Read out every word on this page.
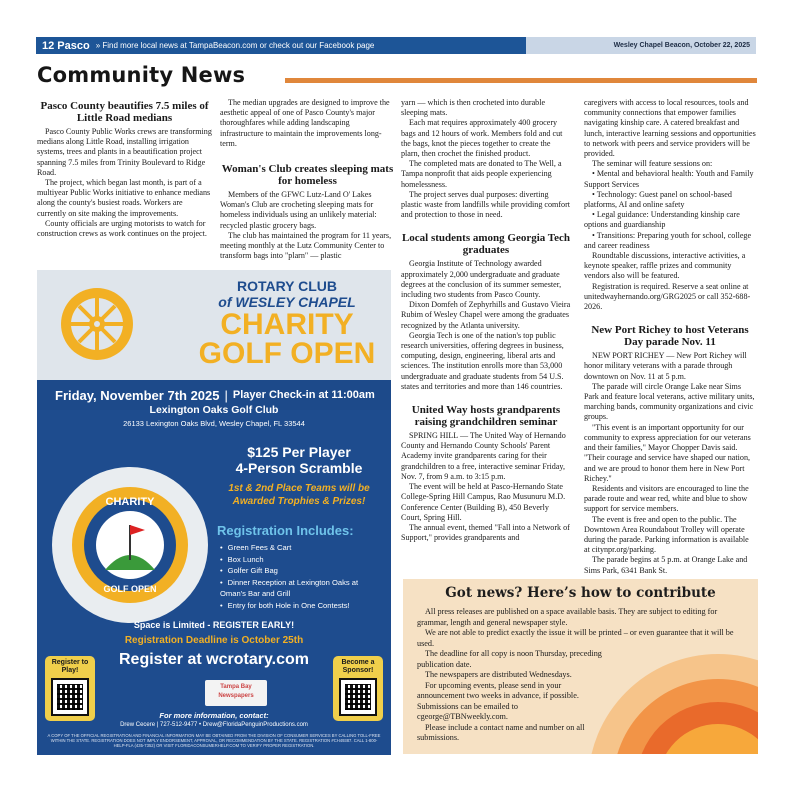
12 Pasco » Find more local news at TampaBeacon.com or check out our Facebook page	Wesley Chapel Beacon, October 22, 2025
Community News
Pasco County beautifies 7.5 miles of Little Road medians

Pasco County Public Works crews are transforming medians along Little Road, installing irrigation systems, trees and plants in a beautification project spanning 7.5 miles from Trinity Boulevard to Ridge Road.

The project, which began last month, is part of a multiyear Public Works initiative to enhance medians along the county's busiest roads. Workers are currently on site making the improvements.

County officials are urging motorists to watch for construction crews as work continues on the project.

The median upgrades are designed to improve the aesthetic appeal of one of Pasco County's major thoroughfares while adding landscaping infrastructure to maintain the improvements long-term.

Woman's Club creates sleeping mats for homeless

Members of the GFWC Lutz-Land O' Lakes Woman's Club are crocheting sleeping mats for homeless individuals using an unlikely material: recycled plastic grocery bags.

The club has maintained the program for 11 years, meeting monthly at the Lutz Community Center to transform bags into "plarn" — plastic

yarn — which is then crocheted into durable sleeping mats.

Each mat requires approximately 400 grocery bags and 12 hours of work. Members fold and cut the bags, knot the pieces together to create the plarn, then crochet the finished product.

The completed mats are donated to The Well, a Tampa nonprofit that aids people experiencing homelessness.

The project serves dual purposes: diverting plastic waste from landfills while providing comfort and protection to those in need.

Local students among Georgia Tech graduates

Georgia Institute of Technology awarded approximately 2,000 undergraduate and graduate degrees at the conclusion of its summer semester, including two students from Pasco County.

Dixon Domfeh of Zephyrhills and Gustavo Vieira Rubim of Wesley Chapel were among the graduates recognized by the Atlanta university.

Georgia Tech is one of the nation's top public research universities, offering degrees in business, computing, design, engineering, liberal arts and sciences. The institution enrolls more than 53,000 undergraduate and graduate students from 54 U.S. states and territories and more than 146 countries.

United Way hosts grandparents raising grandchildren seminar

SPRING HILL — The United Way of Hernando County and Hernando County Schools' Parent Academy invite grandparents caring for their grandchildren to a free, interactive seminar Friday, Nov. 7, from 9 a.m. to 3:15 p.m.

The event will be held at Pasco-Hernando State College-Spring Hill Campus, Rao Musunuru M.D. Conference Center (Building B), 450 Beverly Court, Spring Hill.

The annual event, themed "Fall into a Network of Support," provides grandparents and

caregivers with access to local resources, tools and community connections that empower families navigating kinship care. A catered breakfast and lunch, interactive learning sessions and opportunities to network with peers and service providers will be provided.

The seminar will feature sessions on:

• Mental and behavioral health: Youth and Family Support Services

• Technology: Guest panel on school-based platforms, AI and online safety

• Legal guidance: Understanding kinship care options and guardianship

• Transitions: Preparing youth for school, college and career readiness

Roundtable discussions, interactive activities, a keynote speaker, raffle prizes and community vendors also will be featured.

Registration is required. Reserve a seat online at unitedwayhernando.org/GRG2025 or call 352-688-2026.

New Port Richey to host Veterans Day parade Nov. 11

NEW PORT RICHEY — New Port Richey will honor military veterans with a parade through downtown on Nov. 11 at 5 p.m.

The parade will circle Orange Lake near Sims Park and feature local veterans, active military units, marching bands, community organizations and civic groups.

"This event is an important opportunity for our community to express appreciation for our veterans and their families," Mayor Chopper Davis said. "Their courage and service have shaped our nation, and we are proud to honor them here in New Port Richey."

Residents and visitors are encouraged to line the parade route and wear red, white and blue to show support for service members.

The event is free and open to the public. The Downtown Area Roundabout Trolley will operate during the parade. Parking information is available at citynpr.org/parking.

The parade begins at 5 p.m. at Orange Lake and Sims Park, 6341 Bank St.

ROTARY CLUB
of WESLEY CHAPEL
CHARITY
GOLF OPEN
Friday, November 7th 2025 | Player Check-in at 11:00am
Lexington Oaks Golf Club
26133 Lexington Oaks Blvd, Wesley Chapel, FL 33544
CHARITY
GOLF OPEN
$125 Per Player
4-Person Scramble
1st & 2nd Place Teams will be Awarded Trophies & Prizes!
Registration Includes:
• Green Fees & Cart
• Box Lunch
• Golfer Gift Bag
• Dinner Reception at Lexington Oaks at Oman's Bar and Grill
• Entry for both Hole in One Contests!
Space is Limited - REGISTER EARLY!
Registration Deadline is October 25th
Register at wcrotary.com
Register to Play!
Become a Sponsor!
Tampa Bay Newspapers
For more information, contact:
Drew Cecere | 727-512-9477 • Drew@FloridaPenguinProductions.com
A COPY OF THE OFFICIAL REGISTRATION AND FINANCIAL INFORMATION MAY BE OBTAINED FROM THE DIVISION OF CONSUMER SERVICES BY CALLING TOLL-FREE WITHIN THE STATE. REGISTRATION DOES NOT IMPLY ENDORSEMENT, APPROVAL, OR RECOMMENDATION BY THE STATE. REGISTRATION #CH49387. CALL 1-800-HELP-FLA (435-7352) OR VISIT FLORIDACONSUMERHELP.COM TO VERIFY PROPER REGISTRATION.
Got news? Here’s how to contribute

All press releases are published on a space available basis. They are subject to editing for grammar, length and general newspaper style.

We are not able to predict exactly the issue it will be printed – or even guarantee that it will be used.

The deadline for all copy is noon Thursday, preceding publication date.

The newspapers are distributed Wednesdays.

For upcoming events, please send in your announcement two weeks in advance, if possible. Submissions can be emailed to cgeorge@TBNweekly.com.

Please include a contact name and number on all submissions.
